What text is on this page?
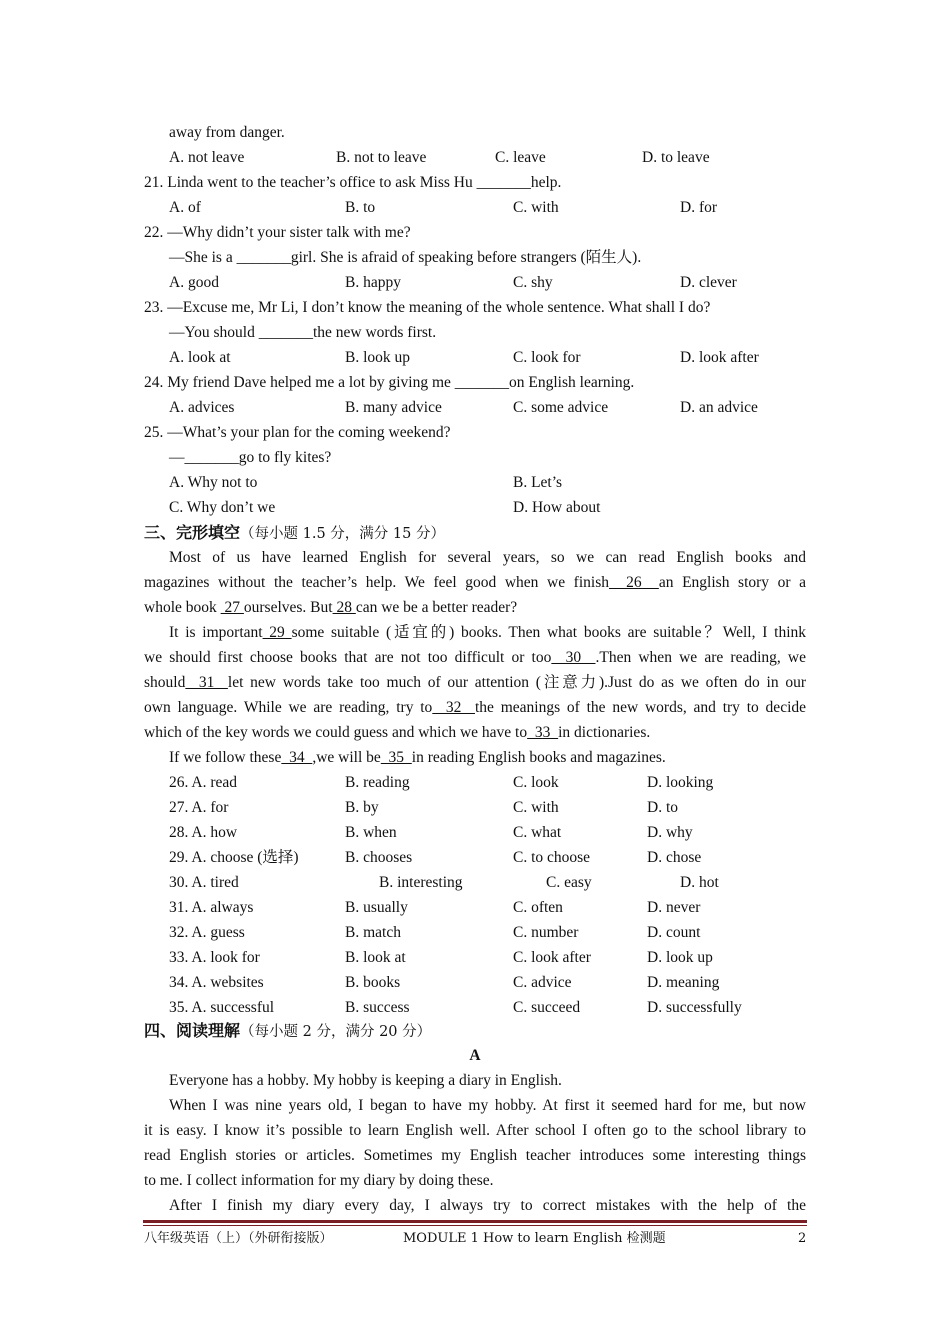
away from danger.
A. not leave	B. not to leave	C. leave	D. to leave
21. Linda went to the teacher’s office to ask Miss Hu _______help.
A. of	B. to	C. with	D. for
22. —Why didn’t your sister talk with me?
—She is a _______girl. She is afraid of speaking before strangers (陌生人).
A. good	B. happy	C. shy	D. clever
23. —Excuse me, Mr Li, I don’t know the meaning of the whole sentence. What shall I do?
—You should _______the new words first.
A. look at	B. look up	C. look for	D. look after
24. My friend Dave helped me a lot by giving me _______on English learning.
A. advices	B. many advice	C. some advice	D. an advice
25. —What’s your plan for the coming weekend?
—_______go to fly kites?
A. Why not to	B. Let’s
C. Why don’t we	D. How about
三、完形填空（每小题 1.5 分，满分 15 分）
Most of us have learned English for several years, so we can read English books and
magazines without the teacher’s help. We feel good when we finish  26  an English story or a
whole book  27 ourselves. But 28 can we be a better reader?
It is important 29 some suitable (适宜的) books. Then what books are suitable？Well, I think
we should first choose books that are not too difficult or too  30  .Then when we are reading, we
should  31  let new words take too much of our attention (注意力).Just do as we often do in our
own language. While we are reading, try to  32  the meanings of the new words, and try to decide
which of the key words we could guess and which we have to  33  in dictionaries.
If we follow these  34  ,we will be  35  in reading English books and magazines.
26. A. read	B. reading	C. look	D. looking
27. A. for	B. by	C. with	D. to
28. A. how	B. when	C. what	D. why
29. A. choose (选择)	B. chooses	C. to choose	D. chose
30. A. tired	B. interesting	C. easy	D. hot
31. A. always	B. usually	C. often	D. never
32. A. guess	B. match	C. number	D. count
33. A. look for	B. look at	C. look after	D. look up
34. A. websites	B. books	C. advice	D. meaning
35. A. successful	B. success	C. succeed	D. successfully
四、阅读理解（每小题 2 分，满分 20 分）
A
Everyone has a hobby. My hobby is keeping a diary in English.
When I was nine years old, I began to have my hobby. At first it seemed hard for me, but now
it is easy. I know it’s possible to learn English well. After school I often go to the school library to
read English stories or articles. Sometimes my English teacher introduces some interesting things
to me. I collect information for my diary by doing these.
After I finish my diary every day, I always try to correct mistakes with the help of the
八年级英语（上）（外研衔接版）	MODULE 1 How to learn English 检测题	2
